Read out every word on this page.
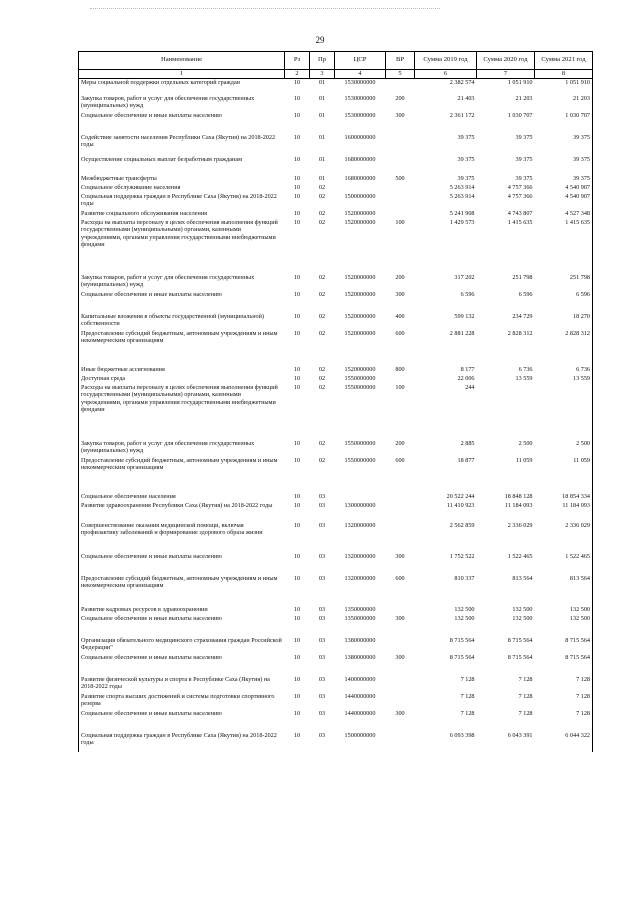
29
Наименование	Рз	Пр	ЦСР	ВР	Сумма 2019 год	Сумма 2020 год	Сумма 2021 год
1	2	3	4	5	6	7	8
Меры социальной поддержки отдельных категорий граждан	10	01	1530000000		2 382 574	1 051 910	1 051 910
Закупка товаров, работ и услуг для обеспечения государственных (муниципальных) нужд	10	01	1530000000	200	21 403	21 203	21 203
Социальное обеспечение и иные выплаты населению	10	01	1530000000	300	2 361 172	1 030 707	1 030 707
Содействие занятости населения Республики Саха (Якутия) на 2018-2022 годы	10	01	1600000000		39 375	39 375	39 375
Осуществление социальных выплат безработным гражданам	10	01	1680000000		39 375	39 375	39 375
Межбюджетные трансферты	10	01	1680000000	500	39 375	39 375	39 375
Социальное обслуживание населения	10	02			5 263 914	4 757 366	4 540 907
Социальная поддержка граждан в Республике Саха (Якутия) на 2018-2022 годы	10	02	1500000000		5 263 914	4 757 366	4 540 907
Развитие социального обслуживания населения	10	02	1520000000		5 241 908	4 743 807	4 527 348
Расходы на выплаты персоналу в целях обеспечения выполнения функций государственными (муниципальными) органами, казенными учреждениями, органами управления государственными внебюджетными фондами	10	02	1520000000	100	1 429 573	1 415 635	1 415 635
Закупка товаров, работ и услуг для обеспечения государственных (муниципальных) нужд	10	02	1520000000	200	317 202	251 798	251 798
Социальное обеспечение и иные выплаты населению	10	02	1520000000	300	6 596	6 596	6 596
Капитальные вложения в объекты государственной (муниципальной) собственности	10	02	1520000000	400	599 132	234 729	18 270
Предоставление субсидий бюджетным, автономным учреждениям и иным некоммерческим организациям	10	02	1520000000	600	2 881 228	2 828 312	2 828 312
Иные бюджетные ассигнования	10	02	1520000000	800	8 177	6 736	6 736
Доступная среда	10	02	1550000000		22 006	13 559	13 559
Расходы на выплаты персоналу в целях обеспечения выполнения функций государственными (муниципальными) органами, казенными учреждениями, органами управления государственными внебюджетными фондами	10	02	1550000000	100	244		
Закупка товаров, работ и услуг для обеспечения государственных (муниципальных) нужд	10	02	1550000000	200	2 885	2 500	2 500
Предоставление субсидий бюджетным, автономным учреждениям и иным некоммерческим организациям	10	02	1550000000	600	18 877	11 059	11 059
Социальное обеспечение населения	10	03			20 522 244	18 848 128	18 854 334
Развитие здравоохранения Республики Саха (Якутия) на 2018-2022 годы	10	03	1300000000		11 410 923	11 184 093	11 184 093
Совершенствование оказания медицинской помощи, включая профилактику заболеваний и формирование здорового образа жизни	10	03	1320000000		2 562 859	2 336 029	2 336 029
Социальное обеспечение и иные выплаты населению	10	03	1320000000	300	1 752 522	1 522 465	1 522 465
Предоставление субсидий бюджетным, автономным учреждениям и иным некоммерческим организациям	10	03	1320000000	600	810 337	813 564	813 564
Развитие кадровых ресурсов в здравоохранении	10	03	1350000000		132 500	132 500	132 500
Социальное обеспечение и иные выплаты населению	10	03	1350000000	300	132 500	132 500	132 500
Организация обязательного медицинского страхования граждан Российской Федерации"	10	03	1380000000		8 715 564	8 715 564	8 715 564
Социальное обеспечение и иные выплаты населению	10	03	1380000000	300	8 715 564	8 715 564	8 715 564
Развитие физической культуры и спорта в Республике Саха (Якутия) на 2018-2022 годы	10	03	1400000000		7 128	7 128	7 128
Развитие спорта высших достижений и системы подготовки спортивного резерва	10	03	1440000000		7 128	7 128	7 128
Социальное обеспечение и иные выплаты населению	10	03	1440000000	300	7 128	7 128	7 128
Социальная поддержка граждан в Республике Саха (Якутия) на 2018-2022 годы	10	03	1500000000		6 093 398	6 043 391	6 044 322
